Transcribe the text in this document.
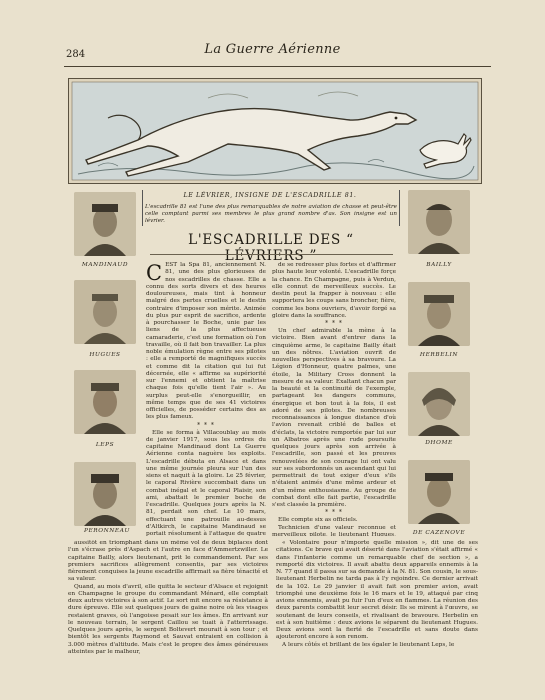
284	La Guerre Aérienne
LE LÉVRIER, INSIGNE DE L'ESCADRILLE 81.
L'escadrille 81 est l'une des plus remarquables de notre aviation de chasse et peut-être celle comptant parmi ses membres le plus grand nombre d'as. Son insigne est un lévrier.
L'ESCADRILLE DES “ LÉVRIERS ”
MANDINAUD
HUGUES
LEPS
PERONNEAU
BAILLY
HERBELIN
DHOME
DE CAZENOVE
C EST la Spa 81, anciennement N. 81, une des plus glorieuses de nos escadrilles de chasse. Elle a connu des sorts divers et des heures douloureuses, mais tint à honneur malgré des pertes cruelles et le destin contraire d'imposer son mérite. Animée du plus pur esprit de sacrifice, ardente à pourchasser le Boche, unie par les liens de la plus affectueuse camaraderie, c'est une formation où l'on travaille, où il fait bon travailler. La plus noble émulation règne entre ses pilotes : elle a remporté de magnifiques succès et comme dit la citation qui lui fut décernée, elle « affirme sa supériorité sur l'ennemi et obtient la maîtrise chaque fois qu'elle tient l'air ». Au surplus peut-elle s'enorgueillir, en même temps que de ses 41 victoires officielles, de posséder certains des as les plus fameux.

* * *

Elle se forma à Villacoublay au mois de janvier 1917, sous les ordres du capitaine Mandinaud dont La Guerre Aérienne conta naguère les exploits. L'escadrille débuta en Alsace et dans une même journée pleura sur l'un des siens et naquit à la gloire. Le 25 février, le caporal Rivière succombait dans un combat inégal et le caporal Plaisir, son ami, abattait le premier boche de l'escadrille. Quelques jours après la N. 81, perdait son chef. Le 10 mars, effectuant une patrouille au-dessus d'Altkirch, le capitaine Mandinaud se portait résolument à l'attaque de quatre

de se redresser plus fortes et d'affirmer plus haute leur volonté. L'escadrille forçe la chance. En Champagne, puis à Verdun, elle connut de merveilleux succès. Le destin peut la frapper à nouveau : elle supportera les coups sans broncher, fière, comme les bons ouvriers, d'avoir forgé sa gloire dans la souffrance.

* * *

Un chef admirable la mène à la victoire. Bien avant d'entrer dans la cinquième arme, le capitaine Bailly était un des nôtres. L'aviation ouvrit de nouvelles perspectives à sa bravoure. La Légion d'Honneur, quatre palmes, une étoile, la Military Cross donnent la mesure de sa valeur. Exaltant chacun par la beauté et la continuité de l'exemple, partageant les dangers communs, énergique et bon tout à la fois, il est adoré de ses pilotes. De nombreuses reconnaissances à longue distance d'où l'avion revenait criblé de balles et d'éclats, la victoire remportée par lui sur un Albatros après une rude poursuite quelques jours après son arrivée à l'escadrille, son passé et les preuves renouvelées de son courage lui ont valu sur ses subordonnés un ascendant qui lui permettrait de tout exiger d'eux s'ils n'étaient animés d'une même ardeur et d'un même enthousiasme. Au groupe de combat dont elle fait partie, l'escadrille s'est classée la première.

* * *

Elle compte six as officiels.

Technicien d'une valeur reconnue et merveilleux pilote, le lieutenant Hugues,

aussitôt en triomphant dans un même vol de deux biplaces dont l'un s'écrase près d'Aspach et l'autre en face d'Ammertzwiller. Le capitaine Bailly, alors lieutenant, prit le commandement. Par ses premiers sacrifices allègrement consentis, par ses victoires fièrement conquises la jeune escadrille affirmait sa fière ténacité et sa valeur.

Quand, au mois d'avril, elle quitta le secteur d'Alsace et rejoignit en Champagne le groupe du commandant Ménard, elle comptait deux autres victoires à son actif. Le sort mit encore sa résistance à dure épreuve. Elle sut quelques jours de gaine noire où les visages restaient graves, où l'angoisse pesait sur les âmes. En arrivant sur le nouveau terrain, le sergent Caillou se tuait à l'atterrissage. Quelques jours après, le sergent Boltevert mourait à son tour ; et bientôt les sergents Raymond et Sauvat entraient en collision à 3.000 mètres d'altitude. Mais c'est le propre des âmes généreuses atteintes par le malheur,

« Volontaire pour n'importe quelle mission », dit une de ses citations. Ce brave qui avait déserté dans l'aviation s'était affirmé « dans l'infanterie comme un remarquable chef de section », a remporté dix victoires. Il avait abattu deux appareils ennemis à la N. 77 quand il passa sur sa demande à la N. 81. Son cousin, le sous-lieutenant Herbelin ne tarda pas à l'y rejoindre. Ce dernier arrivait de la 102. Le 29 janvier il avait fait son premier avion, avait triomphé une deuxième fois le 16 mars et le 19, attaqué par cinq avions ennemis, avait pu fuir l'un d'eux en flammes. La réunion des deux parents combattit leur secret désir. Ils se mirent à l'œuvre, se soutenant de leurs conseils, et rivalisant de bravoure. Herbelin en est à son huitième : deux avions le séparent du lieutenant Hugues. Deux avions sont la fierté de l'escadrille et sans doute dans ajouteront encore à son renom.

A leurs côtés et brillant de les égaler le lieutenant Leps, le
